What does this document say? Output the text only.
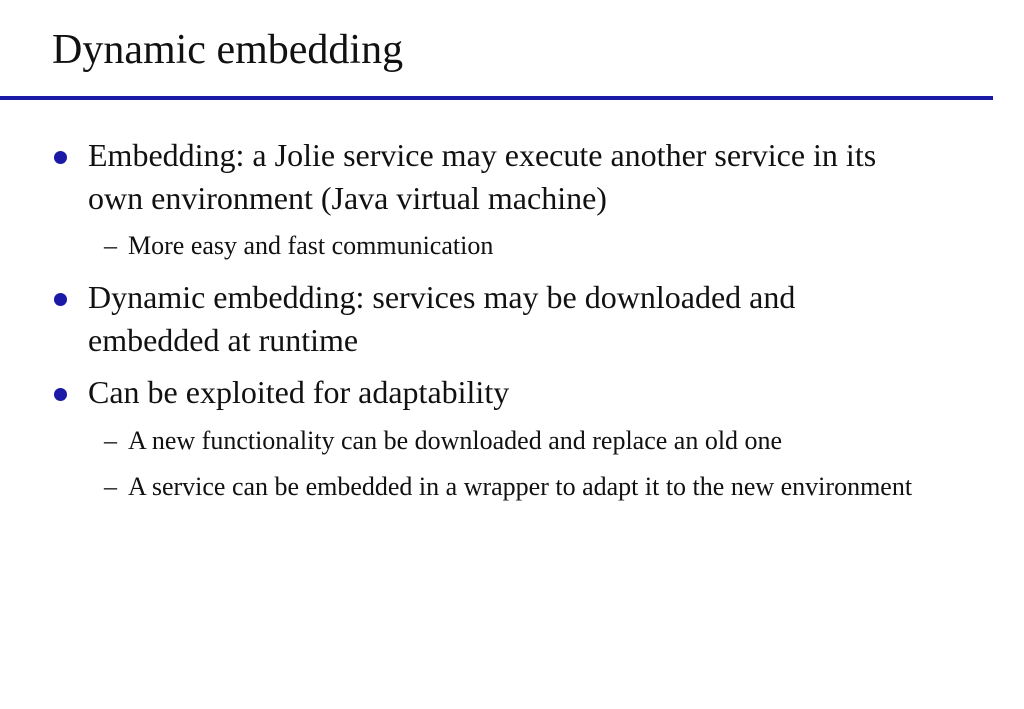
Dynamic embedding
Embedding: a Jolie service may execute another service in its own environment (Java virtual machine)
– More easy and fast communication
Dynamic embedding: services may be downloaded and embedded at runtime
Can be exploited for adaptability
– A new functionality can be downloaded and replace an old one
– A service can be embedded in a wrapper to adapt it to the new environment
